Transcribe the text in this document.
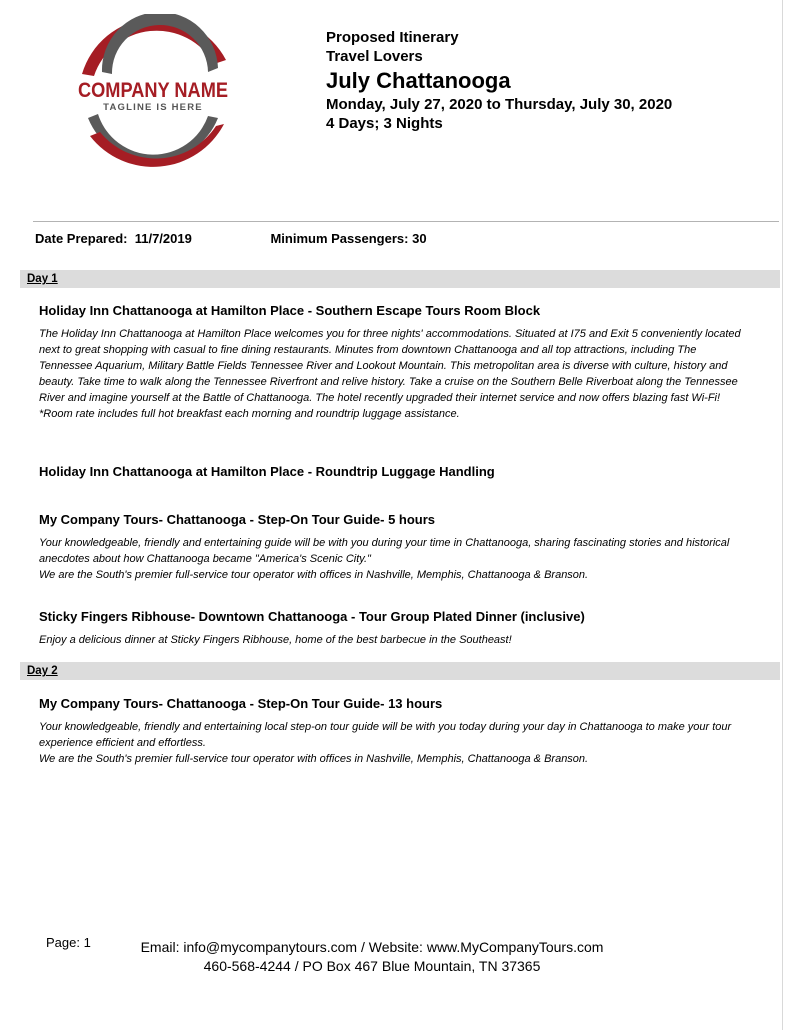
COMPANY NAME
TAGLINE IS HERE
Proposed Itinerary
Travel Lovers
July Chattanooga
Monday, July 27, 2020 to Thursday, July 30, 2020
4 Days; 3 Nights
Date Prepared: 11/7/2019	Minimum Passengers: 30
Day 1
Holiday Inn Chattanooga at Hamilton Place - Southern Escape Tours Room Block
The Holiday Inn Chattanooga at Hamilton Place welcomes you for three nights' accommodations. Situated at I75 and Exit 5 conveniently located next to great shopping with casual to fine dining restaurants. Minutes from downtown Chattanooga and all top attractions, including The Tennessee Aquarium, Military Battle Fields Tennessee River and Lookout Mountain. This metropolitan area is diverse with culture, history and beauty. Take time to walk along the Tennessee Riverfront and relive history. Take a cruise on the Southern Belle Riverboat along the Tennessee River and imagine yourself at the Battle of Chattanooga. The hotel recently upgraded their internet service and now offers blazing fast Wi-Fi! *Room rate includes full hot breakfast each morning and roundtrip luggage assistance.
Holiday Inn Chattanooga at Hamilton Place - Roundtrip Luggage Handling
My Company Tours- Chattanooga - Step-On Tour Guide- 5 hours
Your knowledgeable, friendly and entertaining guide will be with you during your time in Chattanooga, sharing fascinating stories and historical anecdotes about how Chattanooga became "America's Scenic City."
We are the South's premier full-service tour operator with offices in Nashville, Memphis, Chattanooga & Branson.
Sticky Fingers Ribhouse- Downtown Chattanooga - Tour Group Plated Dinner (inclusive)
Enjoy a delicious dinner at Sticky Fingers Ribhouse, home of the best barbecue in the Southeast!
Day 2
My Company Tours- Chattanooga - Step-On Tour Guide- 13 hours
Your knowledgeable, friendly and entertaining local step-on tour guide will be with you today during your day in Chattanooga to make your tour experience efficient and effortless.
We are the South's premier full-service tour operator with offices in Nashville, Memphis, Chattanooga & Branson.
Page: 1	Email: info@mycompanytours.com / Website: www.MyCompanyTours.com
460-568-4244 / PO Box 467 Blue Mountain, TN 37365
